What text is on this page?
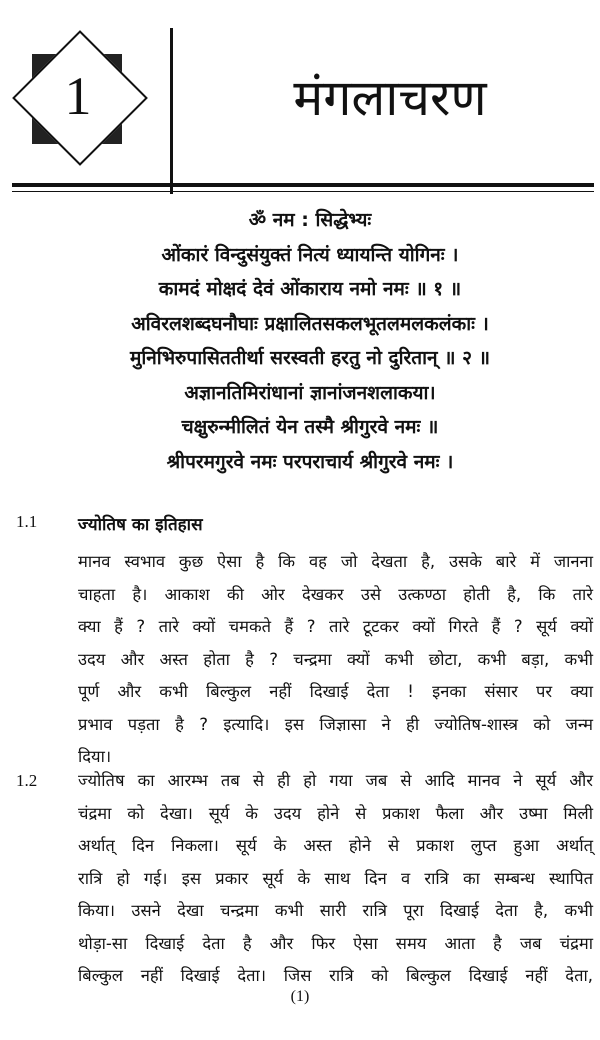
1	मंगलाचरण
ॐ नम : सिद्धेभ्यः
ओंकारं विन्दुसंयुक्तं नित्यं ध्यायन्ति योगिनः ।
कामदं मोक्षदं देवं ओंकाराय नमो नमः ॥ १ ॥
अविरलशब्दघनौघाः प्रक्षालितसकलभूतलमलकलंकाः ।
मुनिभिरुपासिततीर्था सरस्वती हरतु नो दुरितान् ॥ २ ॥
अज्ञानतिमिरांधानां ज्ञानांजनशलाकया।
चक्षुरुन्मीलितं येन तस्मै श्रीगुरवे नमः ॥
श्रीपरमगुरवे नमः परपराचार्य श्रीगुरवे नमः ।
1.1 ज्योतिष का इतिहास
मानव स्वभाव कुछ ऐसा है कि वह जो देखता है, उसके बारे में जानना
चाहता है। आकाश की ओर देखकर उसे उत्कण्ठा होती है, कि तारे
क्या हैं ? तारे क्यों चमकते हैं ? तारे टूटकर क्यों गिरते हैं ? सूर्य क्यों
उदय और अस्त होता है ? चन्द्रमा क्यों कभी छोटा, कभी बड़ा, कभी
पूर्ण और कभी बिल्कुल नहीं दिखाई देता ! इनका संसार पर क्या
प्रभाव पड़ता है ? इत्यादि। इस जिज्ञासा ने ही ज्योतिष-शास्त्र को जन्म
दिया।
1.2 ज्योतिष का आरम्भ तब से ही हो गया जब से आदि मानव ने सूर्य और
चंद्रमा को देखा। सूर्य के उदय होने से प्रकाश फैला और उष्मा मिली
अर्थात् दिन निकला। सूर्य के अस्त होने से प्रकाश लुप्त हुआ अर्थात्
रात्रि हो गई। इस प्रकार सूर्य के साथ दिन व रात्रि का सम्बन्ध स्थापित
किया। उसने देखा चन्द्रमा कभी सारी रात्रि पूरा दिखाई देता है, कभी
थोड़ा-सा दिखाई देता है और फिर ऐसा समय आता है जब चंद्रमा
बिल्कुल नहीं दिखाई देता। जिस रात्रि को बिल्कुल दिखाई नहीं देता,
(1)
